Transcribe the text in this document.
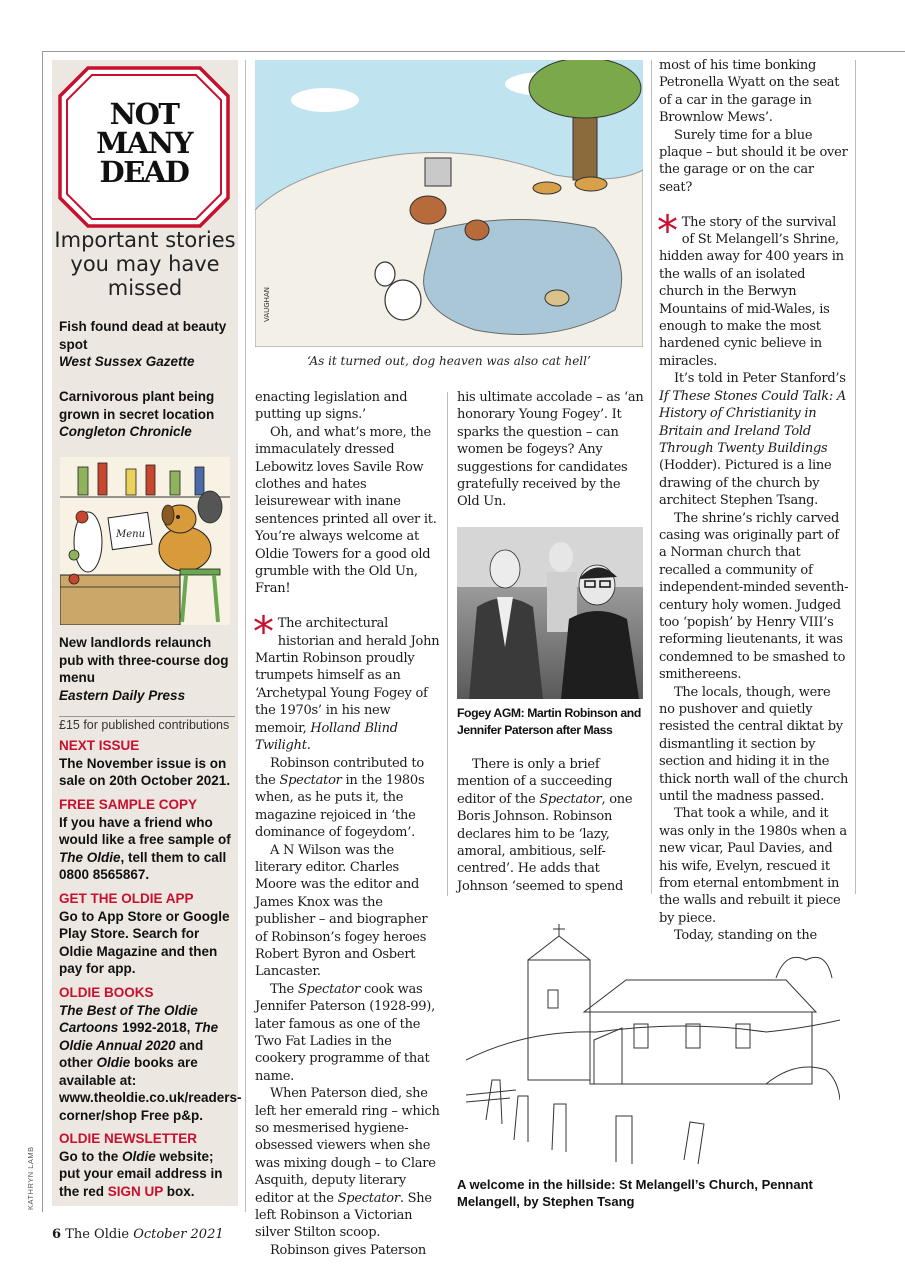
NOT
MANY
DEAD
Important stories you may have missed
Fish found dead at beauty spot
West Sussex Gazette
Carnivorous plant being grown in secret location
Congleton Chronicle
Menu
New landlords relaunch pub with three-course dog menu
Eastern Daily Press
£15 for published contributions
NEXT ISSUE
The November issue is on sale on 20th October 2021.
FREE SAMPLE COPY
If you have a friend who would like a free sample of The Oldie, tell them to call 0800 8565867.
GET THE OLDIE APP
Go to App Store or Google Play Store. Search for Oldie Magazine and then pay for app.
OLDIE BOOKS
The Best of The Oldie Cartoons 1992-2018, The Oldie Annual 2020 and other Oldie books are available at: www.theoldie.co.uk/readers-corner/shop Free p&p.
OLDIE NEWSLETTER
Go to the Oldie website; put your email address in the red SIGN UP box.
KATHRYN LAMB
VAUGHAN
‘As it turned out, dog heaven was also cat hell’

enacting legislation and putting up signs.’

Oh, and what’s more, the immaculately dressed Lebowitz loves Savile Row clothes and hates leisurewear with inane sentences printed all over it. You’re always welcome at Oldie Towers for a good old grumble with the Old Un, Fran!

* The architectural historian and herald John Martin Robinson proudly trumpets himself as an ‘Archetypal Young Fogey of the 1970s’ in his new memoir, Holland Blind Twilight.

Robinson contributed to the Spectator in the 1980s when, as he puts it, the magazine rejoiced in ‘the dominance of fogeydom’.

A N Wilson was the literary editor. Charles Moore was the editor and James Knox was the publisher – and biographer of Robinson’s fogey heroes Robert Byron and Osbert Lancaster.

The Spectator cook was Jennifer Paterson (1928-99), later famous as one of the Two Fat Ladies in the cookery programme of that name.

When Paterson died, she left her emerald ring – which so mesmerised hygiene-obsessed viewers when she was mixing dough – to Clare Asquith, deputy literary editor at the Spectator. She left Robinson a Victorian silver Stilton scoop.

Robinson gives Paterson

his ultimate accolade – as ‘an honorary Young Fogey’. It sparks the question – can women be fogeys? Any suggestions for candidates gratefully received by the Old Un.

Fogey AGM: Martin Robinson and Jennifer Paterson after Mass

There is only a brief mention of a succeeding editor of the Spectator, one Boris Johnson. Robinson declares him to be ‘lazy, amoral, ambitious, self-centred’. He adds that Johnson ‘seemed to spend

most of his time bonking Petronella Wyatt on the seat of a car in the garage in Brownlow Mews’.

Surely time for a blue plaque – but should it be over the garage or on the car seat?

* The story of the survival of St Melangell’s Shrine, hidden away for 400 years in the walls of an isolated church in the Berwyn Mountains of mid-Wales, is enough to make the most hardened cynic believe in miracles.

It’s told in Peter Stanford’s If These Stones Could Talk: A History of Christianity in Britain and Ireland Told Through Twenty Buildings (Hodder). Pictured is a line drawing of the church by architect Stephen Tsang.

The shrine’s richly carved casing was originally part of a Norman church that recalled a community of independent-minded seventh-century holy women. Judged too ‘popish’ by Henry VIII’s reforming lieutenants, it was condemned to be smashed to smithereens.

The locals, though, were no pushover and quietly resisted the central diktat by dismantling it section by section and hiding it in the thick north wall of the church until the madness passed.

That took a while, and it was only in the 1980s when a new vicar, Paul Davies, and his wife, Evelyn, rescued it from eternal entombment in the walls and rebuilt it piece by piece.

Today, standing on the

A welcome in the hillside: St Melangell’s Church, Pennant Melangell, by Stephen Tsang
6 The Oldie October 2021
